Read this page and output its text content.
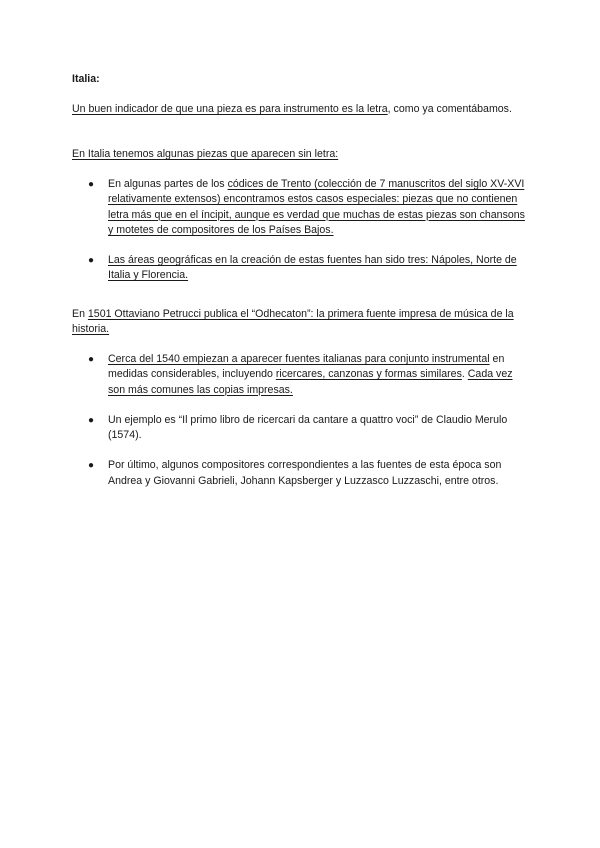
Italia:

Un buen indicador de que una pieza es para instrumento es la letra, como ya comentábamos.

En Italia tenemos algunas piezas que aparecen sin letra:

● En algunas partes de los códices de Trento (colección de 7 manuscritos del siglo XV-XVI relativamente extensos) encontramos estos casos especiales: piezas que no contienen letra más que en el íncipit, aunque es verdad que muchas de estas piezas son chansons y motetes de compositores de los Países Bajos.
● Las áreas geográficas en la creación de estas fuentes han sido tres: Nápoles, Norte de Italia y Florencia.

En 1501 Ottaviano Petrucci publica el “Odhecaton”: la primera fuente impresa de música de la historia.

● Cerca del 1540 empiezan a aparecer fuentes italianas para conjunto instrumental en medidas considerables, incluyendo ricercares, canzonas y formas similares. Cada vez son más comunes las copias impresas.
● Un ejemplo es “Il primo libro de ricercari da cantare a quattro voci” de Claudio Merulo (1574).
● Por último, algunos compositores correspondientes a las fuentes de esta época son Andrea y Giovanni Gabrieli, Johann Kapsberger y Luzzasco Luzzaschi, entre otros.
